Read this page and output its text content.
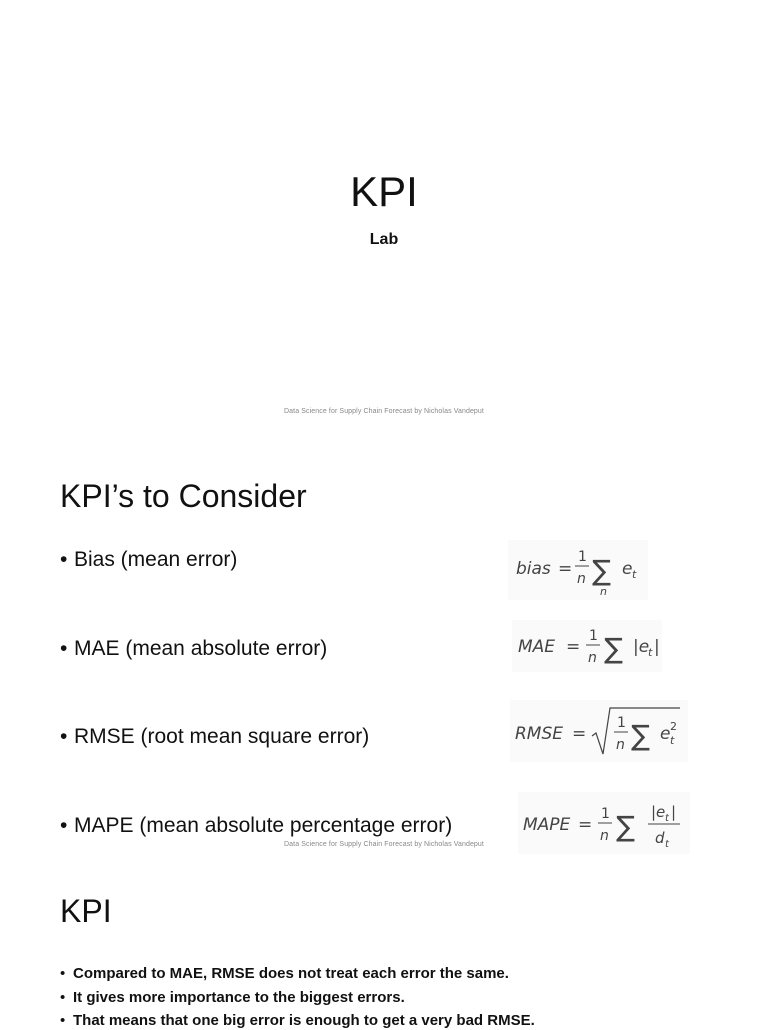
KPI
Lab
Data Science for Supply Chain Forecast by Nicholas Vandeput
KPI’s to Consider
• Bias (mean error)
• MAE (mean absolute error)
• RMSE (root mean square error)
• MAPE (mean absolute percentage error)
bias =
1
n ∑
n
e t
MAE =
1
n ∑ |e
t |
RMSE =
1
n ∑ e 2
t
MAPE =
1
n ∑ |e t |
d t
Data Science for Supply Chain Forecast by Nicholas Vandeput
KPI
• Compared to MAE, RMSE does not treat each error the same.
• It gives more importance to the biggest errors.
• That means that one big error is enough to get a very bad RMSE.
